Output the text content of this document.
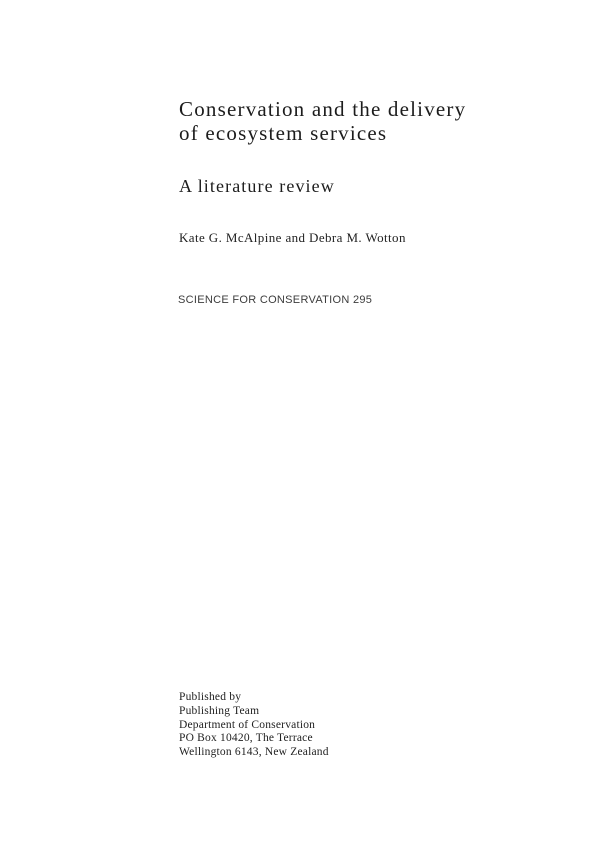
Conservation and the delivery
of ecosystem services
A literature review
Kate G. McAlpine and Debra M. Wotton
SCIENCE FOR CONSERVATION 295
Published by
Publishing Team
Department of Conservation
PO Box 10420, The Terrace
Wellington 6143, New Zealand
